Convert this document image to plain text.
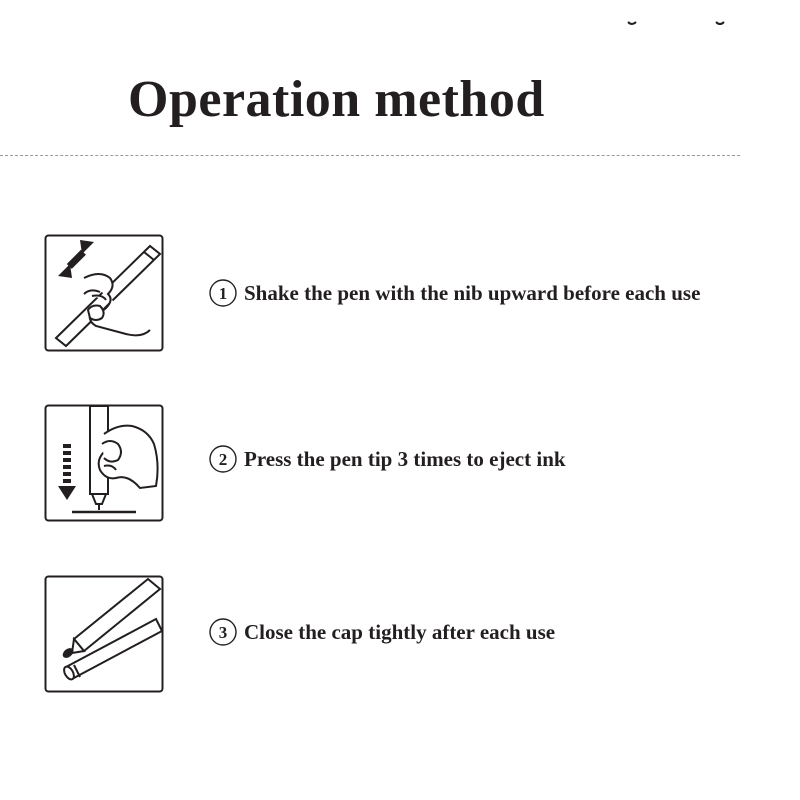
Operation method
1 Shake the pen with the nib upward before each use
2 Press the pen tip 3 times to eject ink
3 Close the cap tightly after each use
